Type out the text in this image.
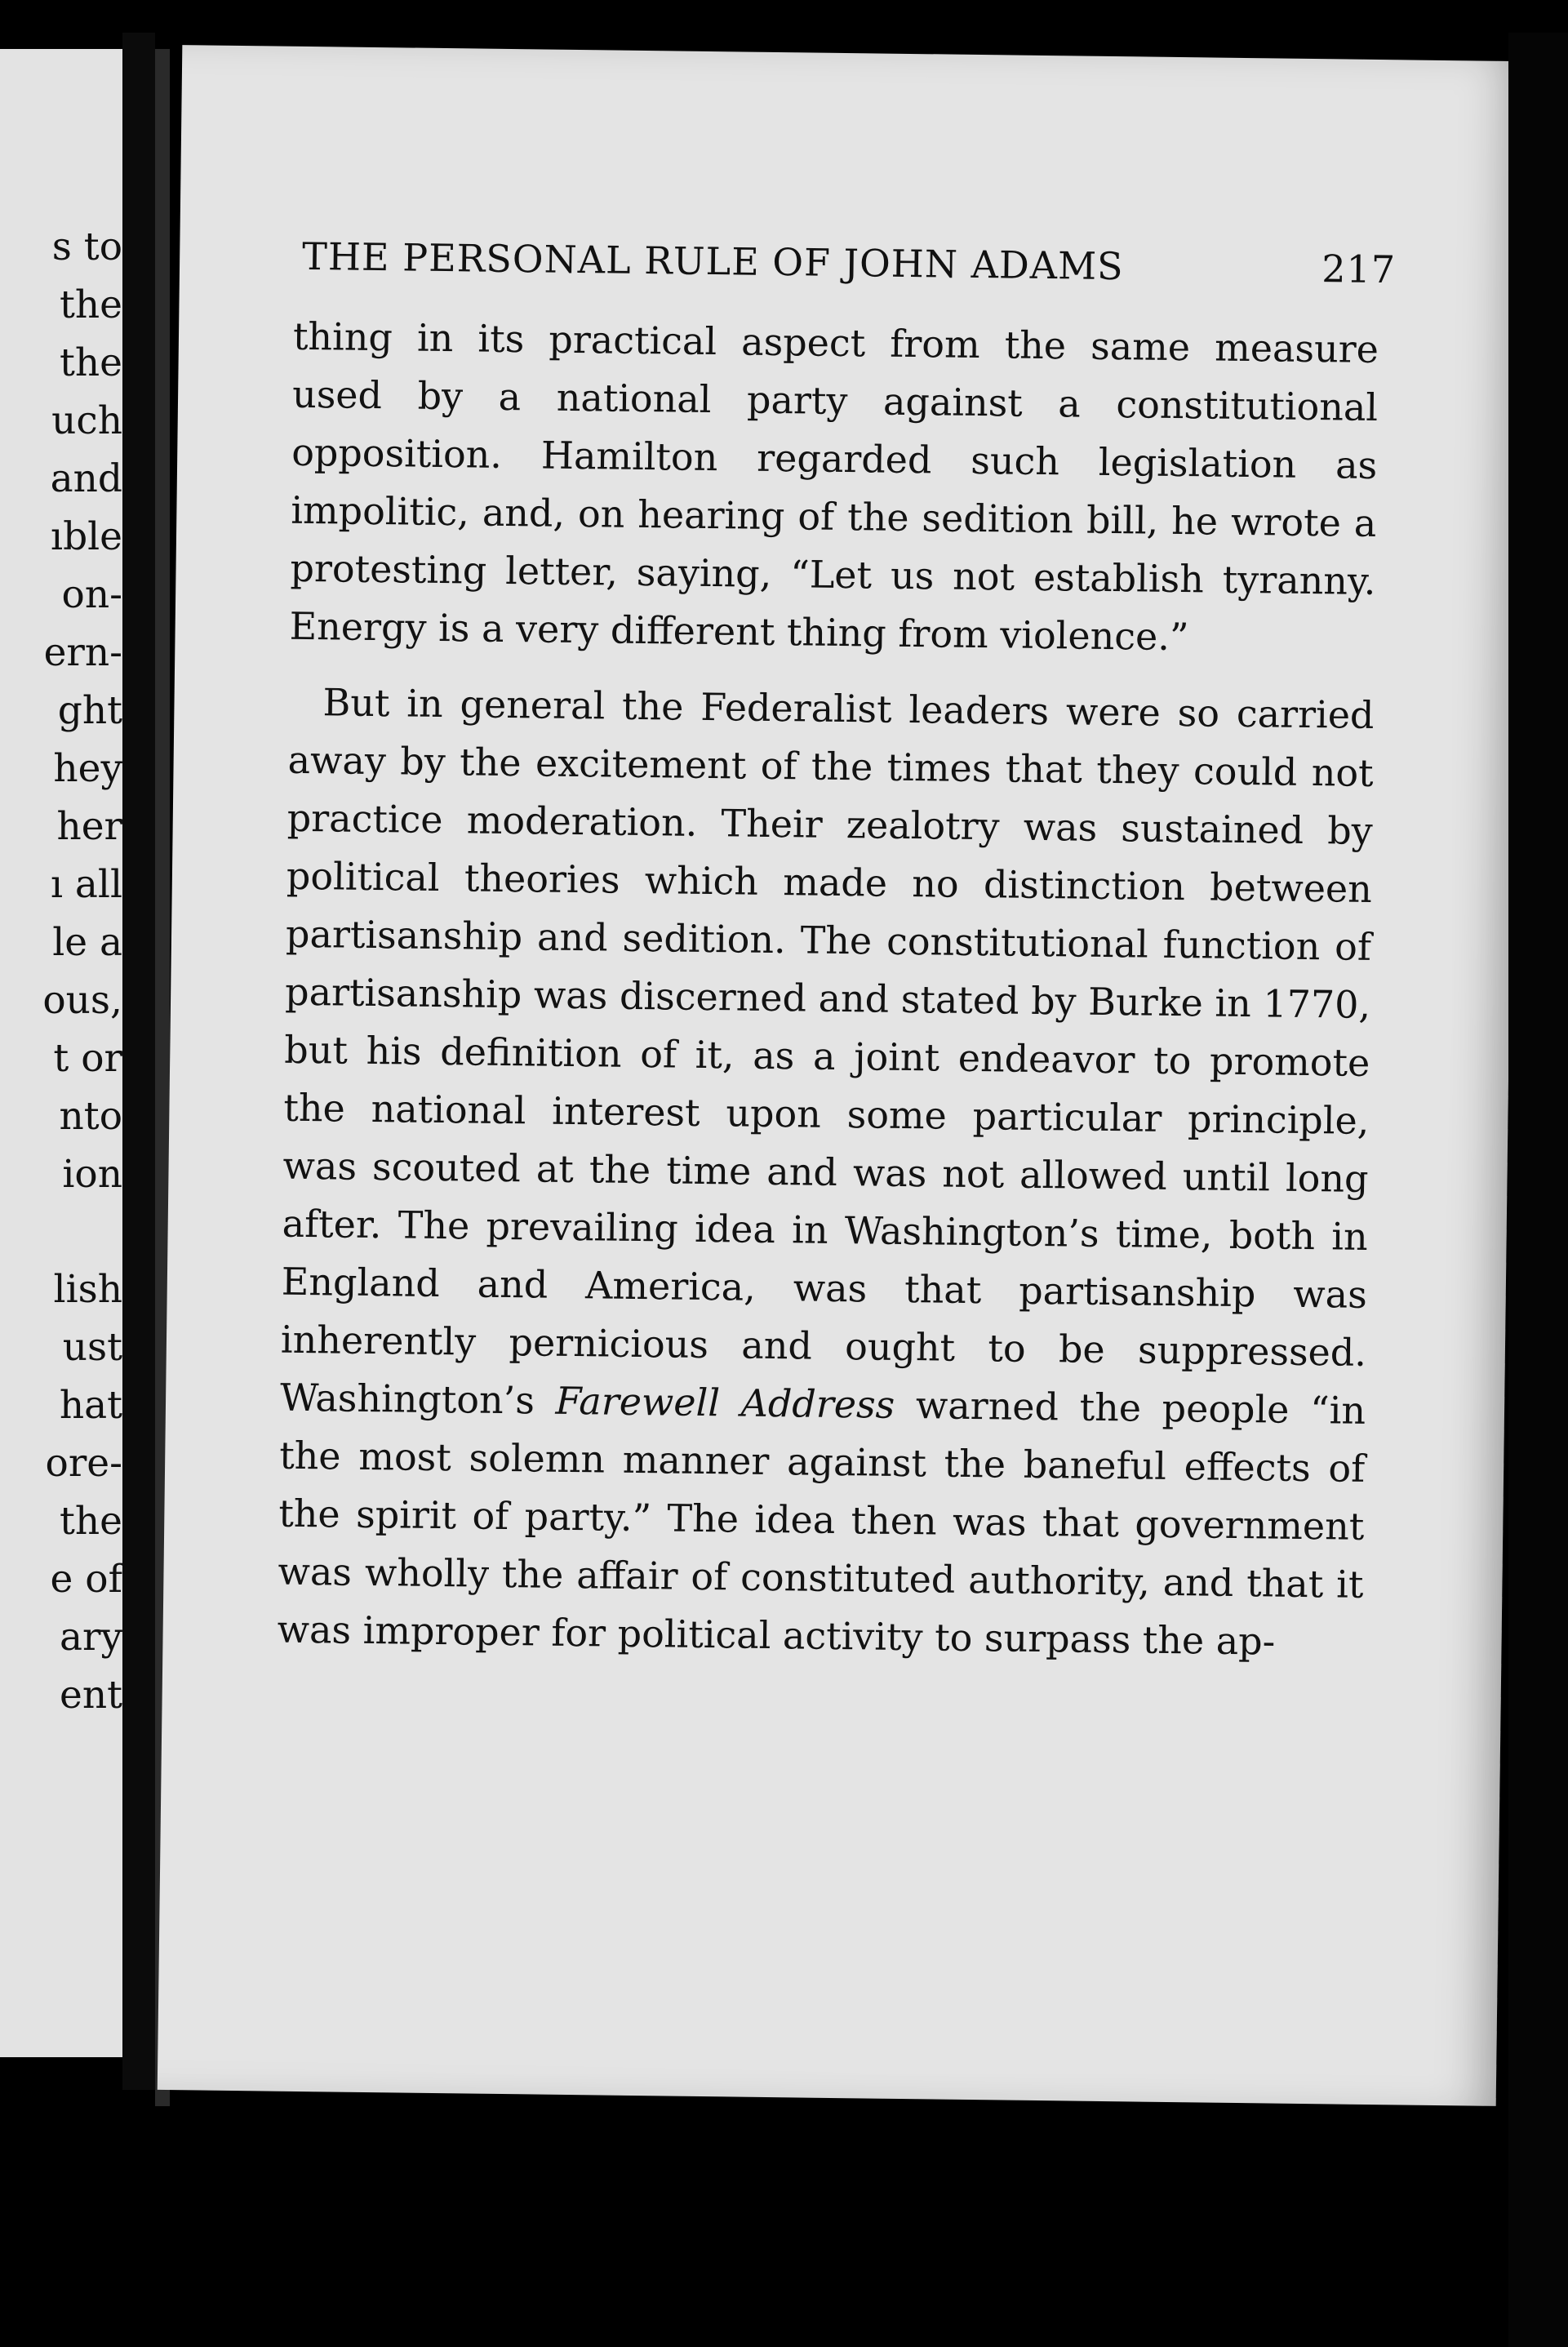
s to
the
the
uch
and
ıble
on-
ern-
ght
hey
her
ı all
le a
ous,
t or
nto
ion
lish
ust
hat
ore-
the
e of
ary
ent
THE PERSONAL RULE OF JOHN ADAMS	217

thing in its practical aspect from the same measure used by a national party against a constitutional opposition. Hamilton regarded such legislation as impolitic, and, on hearing of the sedition bill, he wrote a protesting letter, saying, “Let us not establish tyranny. Energy is a very different thing from violence.”

But in general the Federalist leaders were so carried away by the excitement of the times that they could not practice moderation. Their zealotry was sustained by political theories which made no distinction between partisanship and sedition. The constitutional function of partisanship was discerned and stated by Burke in 1770, but his definition of it, as a joint endeavor to promote the national interest upon some particular principle, was scouted at the time and was not allowed until long after. The prevailing idea in Washington’s time, both in England and America, was that partisanship was inherently pernicious and ought to be suppressed. Washington’s Farewell Address warned the people “in the most solemn manner against the baneful effects of the spirit of party.” The idea then was that government was wholly the affair of constituted authority, and that it was improper for political activity to surpass the ap-
